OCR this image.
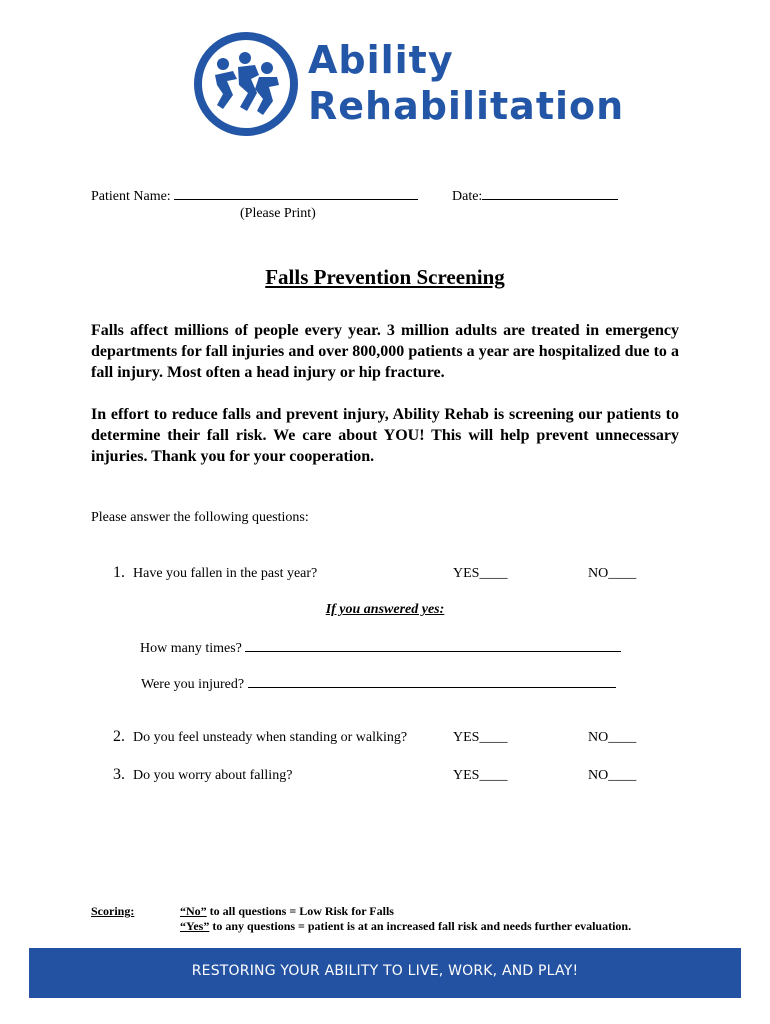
Ability
Rehabilitation
Patient Name:
(Please Print)
Date:
Falls Prevention Screening
Falls affect millions of people every year. 3 million adults are treated in emergency departments for fall injuries and over 800,000 patients a year are hospitalized due to a fall injury. Most often a head injury or hip fracture.
In effort to reduce falls and prevent injury, Ability Rehab is screening our patients to determine their fall risk. We care about YOU! This will help prevent unnecessary injuries. Thank you for your cooperation.
Please answer the following questions:
1. Have you fallen in the past year?	YES____	NO____
If you answered yes:
How many times?
Were you injured?
2. Do you feel unsteady when standing or walking?	YES____	NO____
3. Do you worry about falling?	YES____	NO____
Scoring:	“No” to all questions = Low Risk for Falls
“Yes” to any questions = patient is at an increased fall risk and needs further evaluation.
RESTORING YOUR ABILITY TO LIVE, WORK, AND PLAY!
